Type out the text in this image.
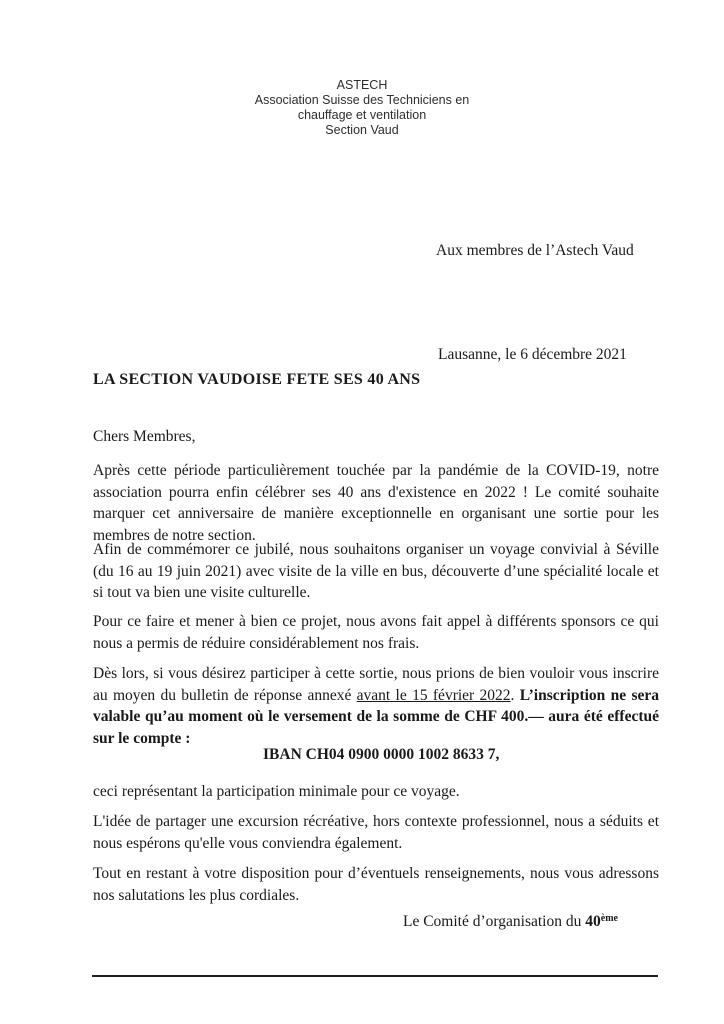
ASTECH
Association Suisse des Techniciens en
chauffage et ventilation
Section Vaud
Aux membres de l’Astech Vaud
Lausanne, le 6 décembre 2021
LA SECTION VAUDOISE FETE SES 40 ANS
Chers Membres,
Après cette période particulièrement touchée par la pandémie de la COVID-19, notre association pourra enfin célébrer ses 40 ans d'existence en 2022 ! Le comité souhaite marquer cet anniversaire de manière exceptionnelle en organisant une sortie pour les membres de notre section.
Afin de commémorer ce jubilé, nous souhaitons organiser un voyage convivial à Séville (du 16 au 19 juin 2021) avec visite de la ville en bus, découverte d’une spécialité locale et si tout va bien une visite culturelle.
Pour ce faire et mener à bien ce projet, nous avons fait appel à différents sponsors ce qui nous a permis de réduire considérablement nos frais.
Dès lors, si vous désirez participer à cette sortie, nous prions de bien vouloir vous inscrire au moyen du bulletin de réponse annexé avant le 15 février 2022. L’inscription ne sera valable qu’au moment où le versement de la somme de CHF 400.— aura été effectué sur le compte :
IBAN CH04 0900 0000 1002 8633 7,
ceci représentant la participation minimale pour ce voyage.
L'idée de partager une excursion récréative, hors contexte professionnel, nous a séduits et nous espérons qu'elle vous conviendra également.
Tout en restant à votre disposition pour d’éventuels renseignements, nous vous adressons nos salutations les plus cordiales.
Le Comité d’organisation du 40ème
